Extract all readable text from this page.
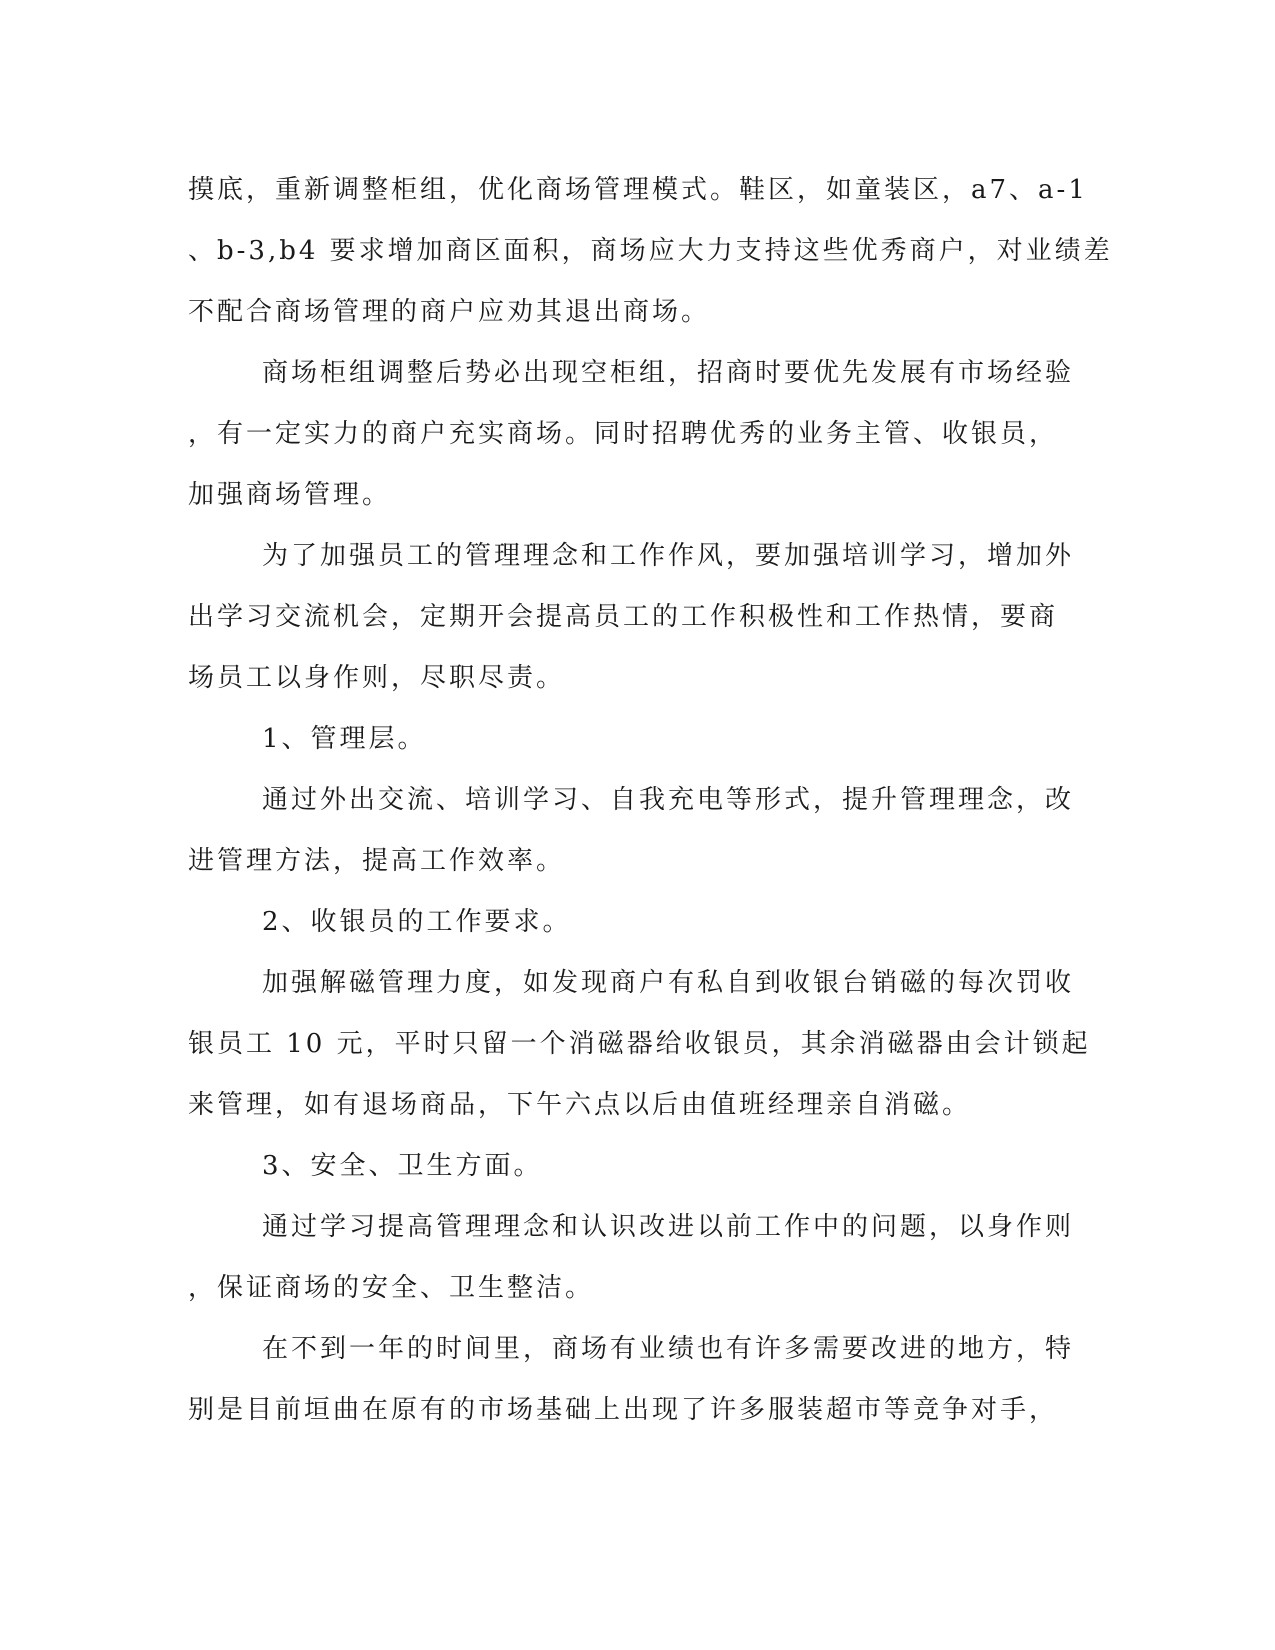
摸底，重新调整柜组，优化商场管理模式。鞋区，如童装区，a7、a-1
、b-3,b4 要求增加商区面积，商场应大力支持这些优秀商户，对业绩差
不配合商场管理的商户应劝其退出商场。
商场柜组调整后势必出现空柜组，招商时要优先发展有市场经验
，有一定实力的商户充实商场。同时招聘优秀的业务主管、收银员，
加强商场管理。
为了加强员工的管理理念和工作作风，要加强培训学习，增加外
出学习交流机会，定期开会提高员工的工作积极性和工作热情，要商
场员工以身作则，尽职尽责。
1、管理层。
通过外出交流、培训学习、自我充电等形式，提升管理理念，改
进管理方法，提高工作效率。
2、收银员的工作要求。
加强解磁管理力度，如发现商户有私自到收银台销磁的每次罚收
银员工 10 元，平时只留一个消磁器给收银员，其余消磁器由会计锁起
来管理，如有退场商品，下午六点以后由值班经理亲自消磁。
3、安全、卫生方面。
通过学习提高管理理念和认识改进以前工作中的问题，以身作则
，保证商场的安全、卫生整洁。
在不到一年的时间里，商场有业绩也有许多需要改进的地方，特
别是目前垣曲在原有的市场基础上出现了许多服装超市等竞争对手，
